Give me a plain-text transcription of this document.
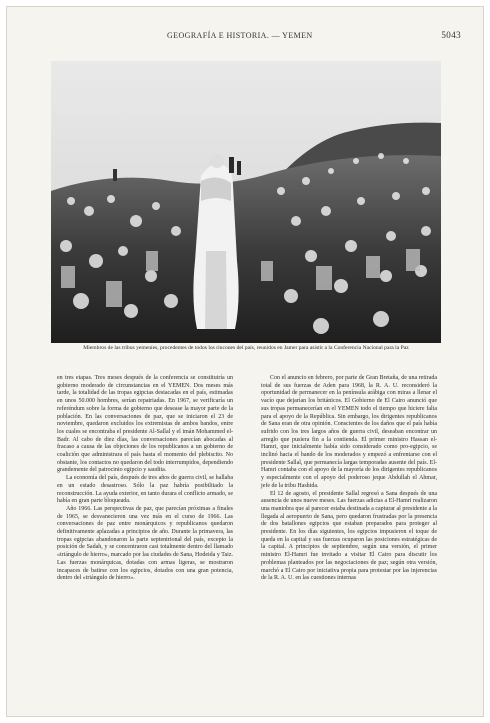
GEOGRAFÍA E HISTORIA. — YEMEN	5043
Miembros de las tribus yemeníes, procedentes de todos los rincones del país, reunidos en Jamer para asistir a la Conferencia Nacional para la Paz

en tres etapas. Tres meses después de la conferencia se constituiría un gobierno moderado de circunstancias en el YEMEN. Dos meses más tarde, la totalidad de las tropas egipcias destacadas en el país, estimadas en unos 50.000 hombres, serían repatriadas. En 1967, se verificaría un referéndum sobre la forma de gobierno que desease la mayor parte de la población. En las conversaciones de paz, que se iniciaron el 23 de noviembre, quedaron excluidos los extremistas de ambos bandos, entre los cuales se encontraba el presidente Al-Sallal y el imán Mohammed el-Badr. Al cabo de diez días, las conversaciones parecían abocadas al fracaso a causa de las objeciones de los republicanos a un gobierno de coalición que administrara el país hasta el momento del plebiscito. No obstante, los contactos no quedaron del todo interrumpidos, dependiendo grandemente del patrocinio egipcio y saudita.

La economía del país, después de tres años de guerra civil, se hallaba en un estado desastroso. Sólo la paz habría posibilitado la reconstrucción. La ayuda exterior, en tanto durara el conflicto armado, se había en gran parte bloqueada.

Año 1966. Las perspectivas de paz, que parecían próximas a finales de 1965, se desvanecieron una vez más en el curso de 1966. Las conversaciones de paz entre monárquicos y republicanos quedaron definitivamente aplazadas a principios de año. Durante la primavera, las tropas egipcias abandonaron la parte septentrional del país, excepto la posición de Sadah, y se concentraron casi totalmente dentro del llamado «triángulo de hierro», marcado por las ciudades de Sana, Hodeida y Taiz. Las fuerzas monárquicas, dotadas con armas ligeras, se mostraron incapaces de batirse con los egipcios, dotados con una gran potencia, dentro del «triángulo de hierro».

Con el anuncio en febrero, por parte de Gran Bretaña, de una retirada total de sus fuerzas de Aden para 1968, la R. A. U. reconsideró la oportunidad de permanecer en la península arábiga con miras a llenar el vacío que dejarían los británicos. El Gobierno de El Cairo anunció que sus tropas permanecerían en el YEMEN todo el tiempo que hiciere falta para el apoyo de la República. Sin embargo, los dirigentes republicanos de Sana eran de otra opinión. Conscientes de los daños que el país había sufrido con los tres largos años de guerra civil, deseaban encontrar un arreglo que pusiera fin a la contienda. El primer ministro Hassan el-Hamri, que inicialmente había sido considerado como pro-egipcio, se inclinó hacia el bando de los moderados y empezó a enfrentarse con el presidente Sallal, que permanecía largas temporadas ausente del país. El-Hamri contaba con el apoyo de la mayoría de los dirigentes republicanos y especialmente con el apoyo del poderoso jeque Abdullah el Ahmar, jefe de la tribu Hashida.

El 12 de agosto, el presidente Sallal regresó a Sana después de una ausencia de unos nueve meses. Las fuerzas adictas a El-Hamri realizaron una maniobra que al parecer estaba destinada a capturar al presidente a la llegada al aeropuerto de Sana, pero quedaron frustradas por la presencia de dos batallones egipcios que estaban preparados para proteger al presidente. En los días siguientes, los egipcios impusieron el toque de queda en la capital y sus fuerzas ocuparon las posiciones estratégicas de la capital. A principios de septiembre, según una versión, el primer ministro El-Hamri fue invitado a visitar El Cairo para discutir los problemas planteados por las negociaciones de paz; según otra versión, marchó a El Cairo por iniciativa propia para protestar por las injerencias de la R. A. U. en las cuestiones internas
